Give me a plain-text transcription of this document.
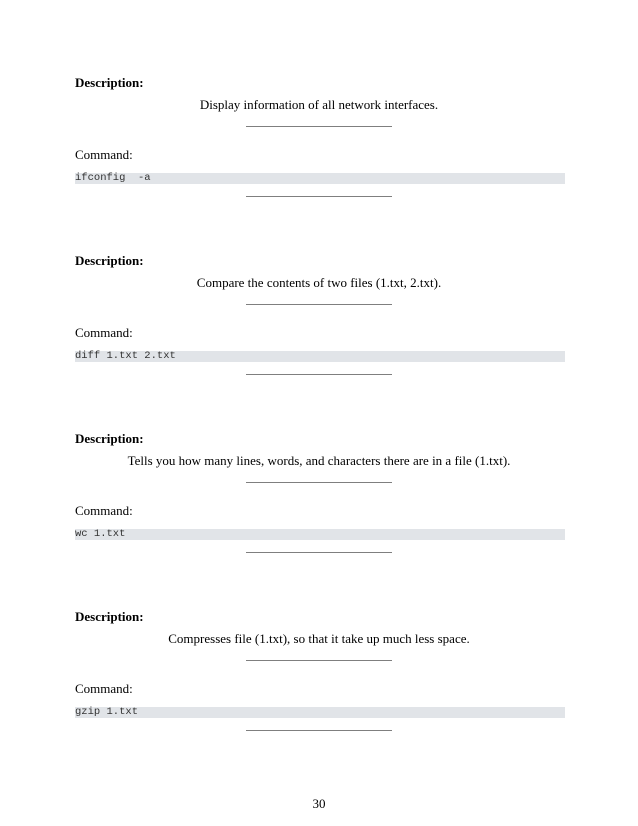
Description:
Display information of all network interfaces.
Command:
ifconfig  -a
Description:
Compare the contents of two files (1.txt, 2.txt).
Command:
diff 1.txt 2.txt
Description:
Tells you how many lines, words, and characters there are in a file (1.txt).
Command:
wc 1.txt
Description:
Compresses file (1.txt), so that it take up much less space.
Command:
gzip 1.txt
30
